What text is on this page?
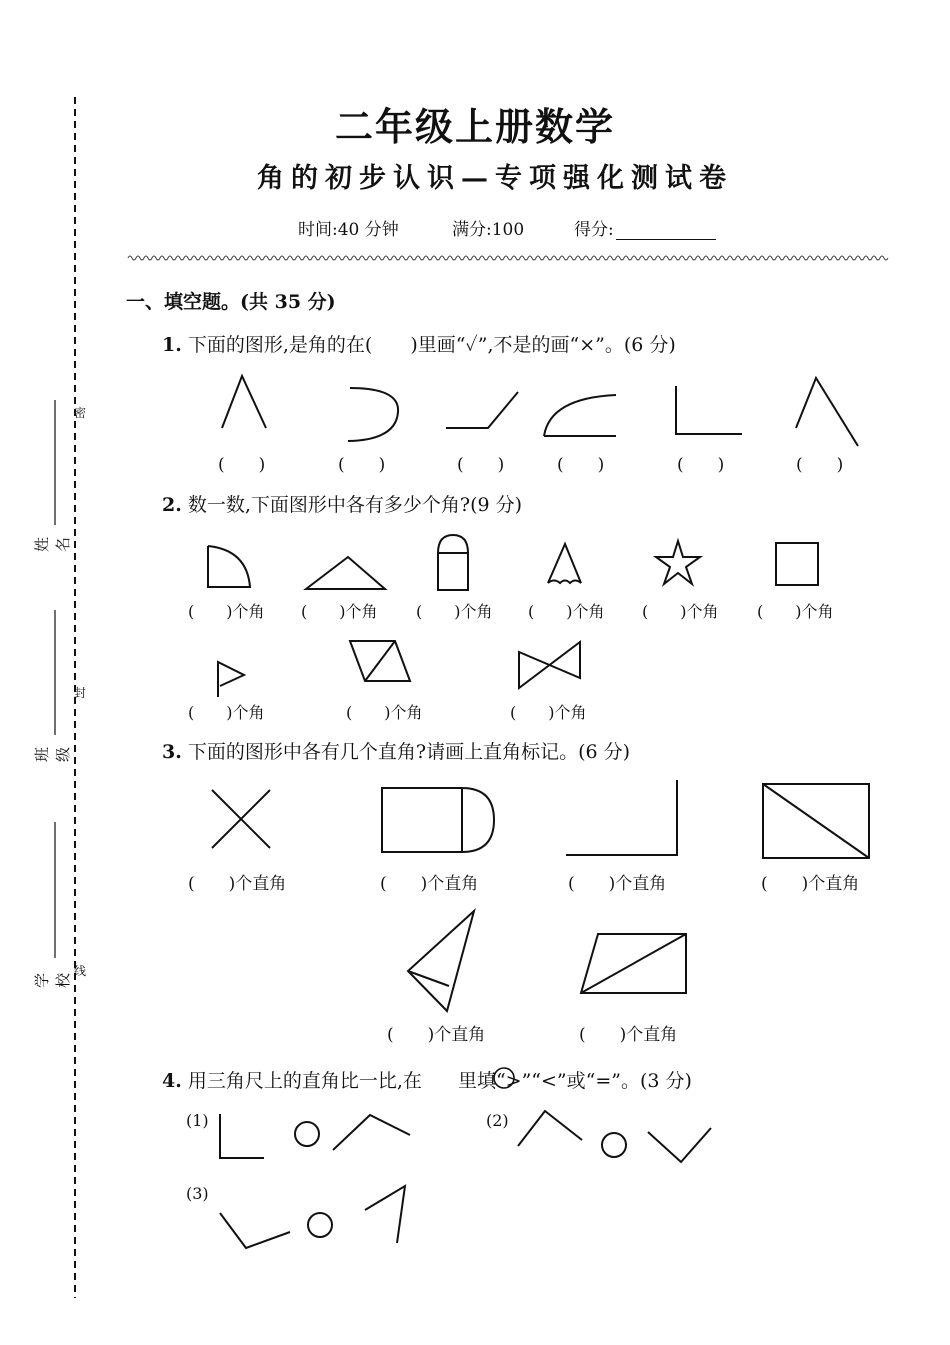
密
封
线
姓名
班级
学校
二年级上册数学
角的初步认识—专项强化测试卷
时间:40 分钟	满分:100	得分:
一、填空题。(共 35 分)
1. 下面的图形,是角的在(　　)里画“✓”,不是的画“×”。(6 分)
(　　)	(　　)	(　　)	(　　)	(　　)	(　　)
2. 数一数,下面图形中各有多少个角?(9 分)
(　　)个角 (　　)个角 (　　)个角 (　　)个角 (　　)个角 (　　)个角
(　　)个角	(　　)个角	(　　)个角
3. 下面的图形中各有几个直角?请画上直角标记。(6 分)
(　　)个直角	(　　)个直角	(　　)个直角	(　　)个直角
(　　)个直角	(　　)个直角
4. 用三角尺上的直角比一比,在 里填“>”“<”或“=”。(3 分)
(1)	(2)
(3)
